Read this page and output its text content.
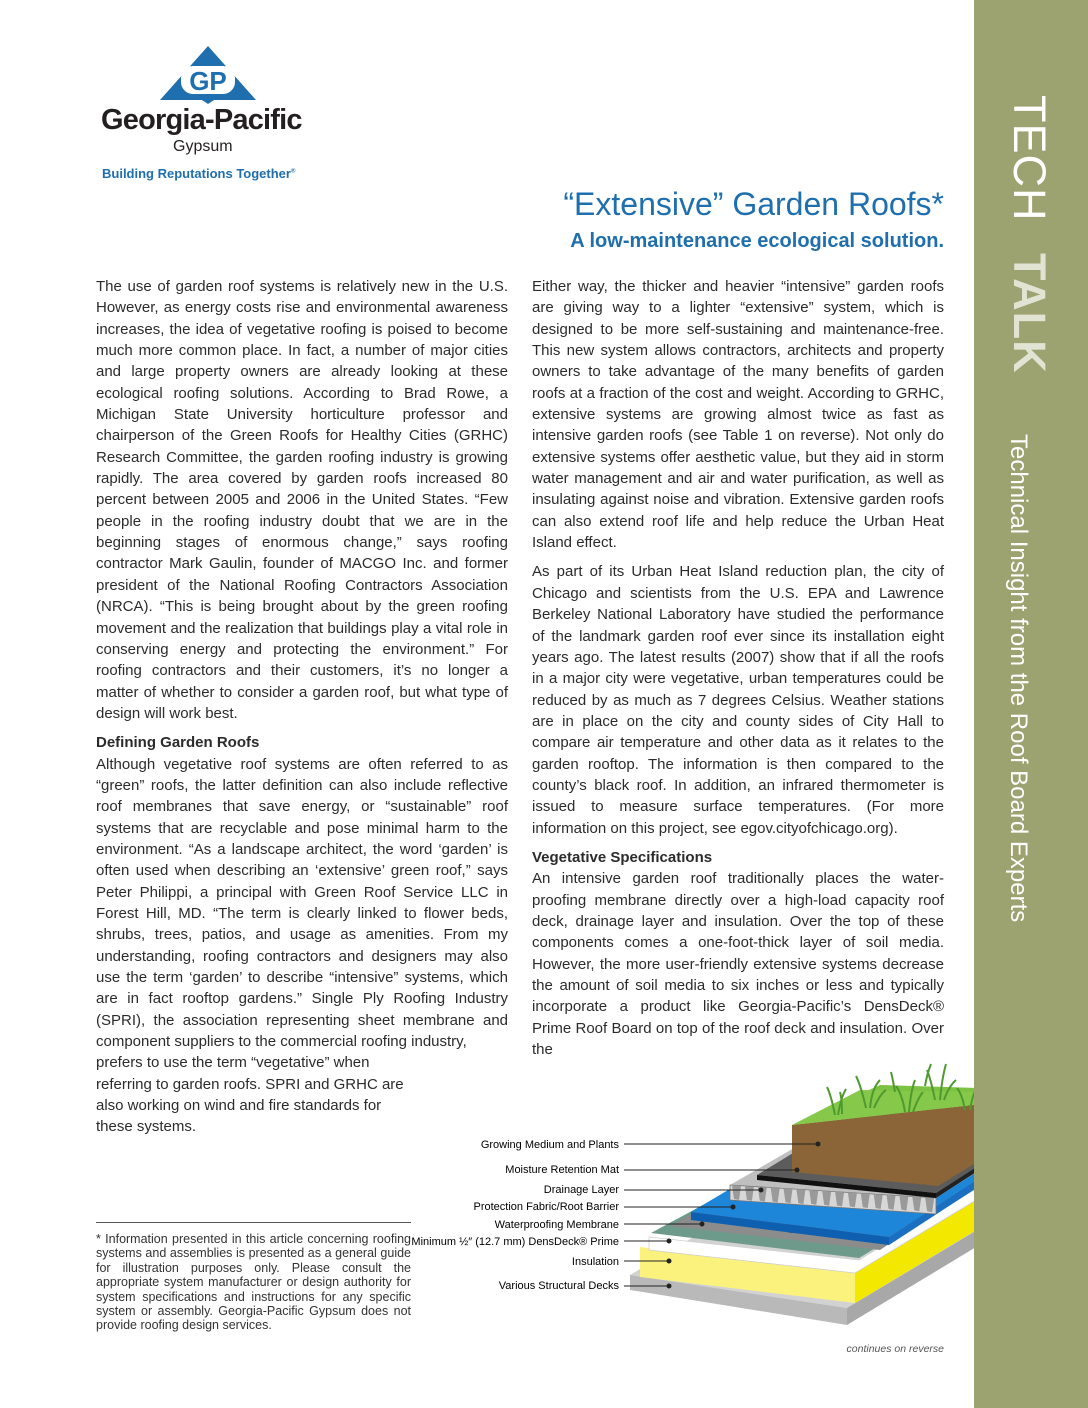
GP
Georgia-Pacific
Gypsum
Building Reputations Together®
“Extensive” Garden Roofs*
A low-maintenance ecological solution.

The use of garden roof systems is relatively new in the U.S. However, as energy costs rise and environmental awareness increases, the idea of vegetative roofing is poised to become much more common place. In fact, a number of major cities and large property owners are already looking at these ecological roofing solutions. According to Brad Rowe, a Michigan State University horticulture professor and chairperson of the Green Roofs for Healthy Cities (GRHC) Research Committee, the garden roofing industry is growing rapidly. The area covered by garden roofs increased 80 percent between 2005 and 2006 in the United States. “Few people in the roofing industry doubt that we are in the beginning stages of enormous change,” says roofing contractor Mark Gaulin, founder of MACGO Inc. and former president of the National Roofing Contractors Association (NRCA). “This is being brought about by the green roofing movement and the realization that buildings play a vital role in conserving energy and protecting the environment.” For roofing contractors and their customers, it’s no longer a matter of whether to consider a garden roof, but what type of design will work best.

Defining Garden Roofs

Although vegetative roof systems are often referred to as “green” roofs, the latter definition can also include reflective roof membranes that save energy, or “sustainable” roof systems that are recyclable and pose minimal harm to the environment. “As a landscape architect, the word ‘garden’ is often used when describing an ‘extensive’ green roof,” says Peter Philippi, a principal with Green Roof Service LLC in Forest Hill, MD. “The term is clearly linked to flower beds, shrubs, trees, patios, and usage as amenities. From my understanding, roofing contractors and designers may also use the term ‘garden’ to describe “intensive” systems, which are in fact rooftop gardens.” Single Ply Roofing Industry (SPRI), the association representing sheet membrane and component suppliers to the commercial roofing industry,

prefers to use the term “vegetative” when referring to garden roofs. SPRI and GRHC are also working on wind and fire standards for these systems.

Either way, the thicker and heavier “intensive” garden roofs are giving way to a lighter “extensive” system, which is designed to be more self-sustaining and maintenance-free. This new system allows contractors, architects and property owners to take advantage of the many benefits of garden roofs at a fraction of the cost and weight. According to GRHC, extensive systems are growing almost twice as fast as intensive garden roofs (see Table 1 on reverse). Not only do extensive systems offer aesthetic value, but they aid in storm water management and air and water purification, as well as insulating against noise and vibration. Extensive garden roofs can also extend roof life and help reduce the Urban Heat Island effect.

As part of its Urban Heat Island reduction plan, the city of Chicago and scientists from the U.S. EPA and Lawrence Berkeley National Laboratory have studied the performance of the landmark garden roof ever since its installation eight years ago. The latest results (2007) show that if all the roofs in a major city were vegetative, urban temperatures could be reduced by as much as 7 degrees Celsius. Weather stations are in place on the city and county sides of City Hall to compare air temperature and other data as it relates to the garden rooftop. The information is then compared to the county’s black roof. In addition, an infrared thermometer is issued to measure surface temperatures. (For more information on this project, see egov.cityofchicago.org).

Vegetative Specifications

An intensive garden roof traditionally places the water-proofing membrane directly over a high-load capacity roof deck, drainage layer and insulation. Over the top of these components comes a one-foot-thick layer of soil media. However, the more user-friendly extensive systems decrease the amount of soil media to six inches or less and typically incorporate a product like Georgia-Pacific’s DensDeck® Prime Roof Board on top of the roof deck and insulation. Over the

Growing Medium and Plants
Moisture Retention Mat
Drainage Layer
Protection Fabric/Root Barrier
Waterproofing Membrane
Minimum ½″ (12.7 mm) DensDeck® Prime
Insulation
Various Structural Decks
* Information presented in this article concerning roofing systems and assemblies is presented as a general guide for illustration purposes only. Please consult the appropriate system manufacturer or design authority for system specifications and instructions for any specific system or assembly. Georgia-Pacific Gypsum does not provide roofing design services.
continues on reverse
TECH
TALK
Technical Insight from the Roof Board Experts
